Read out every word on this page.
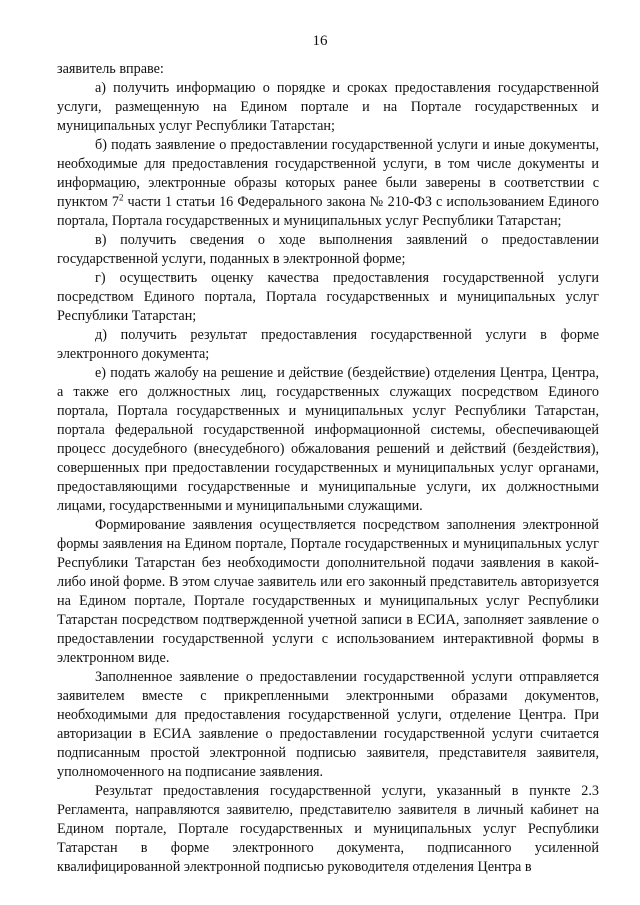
16

заявитель вправе:

а) получить информацию о порядке и сроках предоставления государственной услуги, размещенную на Едином портале и на Портале государственных и муниципальных услуг Республики Татарстан;

б) подать заявление о предоставлении государственной услуги и иные документы, необходимые для предоставления государственной услуги, в том числе документы и информацию, электронные образы которых ранее были заверены в соответствии с пунктом $7^2$ части 1 статьи 16 Федерального закона № 210-ФЗ с использованием Единого портала, Портала государственных и муниципальных услуг Республики Татарстан;

в) получить сведения о ходе выполнения заявлений о предоставлении государственной услуги, поданных в электронной форме;

г) осуществить оценку качества предоставления государственной услуги посредством Единого портала, Портала государственных и муниципальных услуг Республики Татарстан;

д) получить результат предоставления государственной услуги в форме электронного документа;

е) подать жалобу на решение и действие (бездействие) отделения Центра, Центра, а также его должностных лиц, государственных служащих посредством Единого портала, Портала государственных и муниципальных услуг Республики Татарстан, портала федеральной государственной информационной системы, обеспечивающей процесс досудебного (внесудебного) обжалования решений и действий (бездействия), совершенных при предоставлении государственных и муниципальных услуг органами, предоставляющими государственные и муниципальные услуги, их должностными лицами, государственными и муниципальными служащими.

Формирование заявления осуществляется посредством заполнения электронной формы заявления на Едином портале, Портале государственных и муниципальных услуг Республики Татарстан без необходимости дополнительной подачи заявления в какой-либо иной форме. В этом случае заявитель или его законный представитель авторизуется на Едином портале, Портале государственных и муниципальных услуг Республики Татарстан посредством подтвержденной учетной записи в ЕСИА, заполняет заявление о предоставлении государственной услуги с использованием интерактивной формы в электронном виде.

Заполненное заявление о предоставлении государственной услуги отправляется заявителем вместе с прикрепленными электронными образами документов, необходимыми для предоставления государственной услуги, отделение Центра. При авторизации в ЕСИА заявление о предоставлении государственной услуги считается подписанным простой электронной подписью заявителя, представителя заявителя, уполномоченного на подписание заявления.

Результат предоставления государственной услуги, указанный в пункте 2.3 Регламента, направляются заявителю, представителю заявителя в личный кабинет на Едином портале, Портале государственных и муниципальных услуг Республики Татарстан в форме электронного документа, подписанного усиленной квалифицированной электронной подписью руководителя отделения Центра в
